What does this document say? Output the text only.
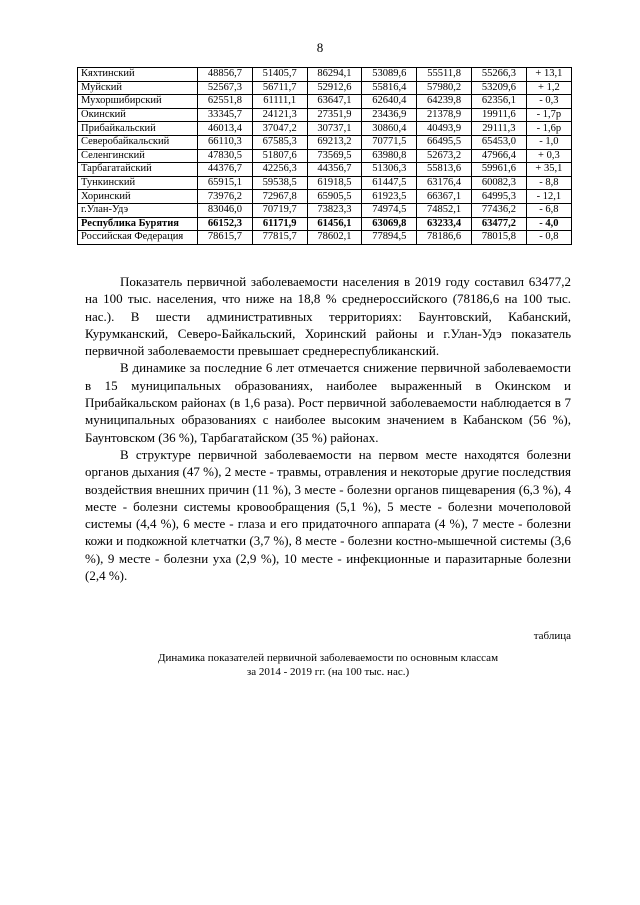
8
Кяхтинский	48856,7	51405,7	86294,1	53089,6	55511,8	55266,3	+ 13,1
Муйский	52567,3	56711,7	52912,6	55816,4	57980,2	53209,6	+ 1,2
Мухоршибирский	62551,8	61111,1	63647,1	62640,4	64239,8	62356,1	- 0,3
Окинский	33345,7	24121,3	27351,9	23436,9	21378,9	19911,6	- 1,7р
Прибайкальский	46013,4	37047,2	30737,1	30860,4	40493,9	29111,3	- 1,6р
Северобайкальский	66110,3	67585,3	69213,2	70771,5	66495,5	65453,0	- 1,0
Селенгинский	47830,5	51807,6	73569,5	63980,8	52673,2	47966,4	+ 0,3
Тарбагатайский	44376,7	42256,3	44356,7	51306,3	55813,6	59961,6	+ 35,1
Тункинский	65915,1	59538,5	61918,5	61447,5	63176,4	60082,3	- 8,8
Хоринский	73976,2	72967,8	65905,5	61923,5	66367,1	64995,3	- 12,1
г.Улан-Удэ	83046,0	70719,7	73823,3	74974,5	74852,1	77436,2	- 6,8
Республика Бурятия	66152,3	61171,9	61456,1	63069,8	63233,4	63477,2	- 4,0
Российская Федерация	78615,7	77815,7	78602,1	77894,5	78186,6	78015,8	- 0,8

Показатель первичной заболеваемости населения в 2019 году составил 63477,2 на 100 тыс. населения, что ниже на 18,8 % среднероссийского (78186,6 на 100 тыс. нас.). В шести административных территориях: Баунтовский, Кабанский, Курумканский, Северо-Байкальский, Хоринский районы и г.Улан-Удэ показатель первичной заболеваемости превышает среднереспубликанский.

В динамике за последние 6 лет отмечается снижение первичной заболеваемости в 15 муниципальных образованиях, наиболее выраженный в Окинском и Прибайкальском районах (в 1,6 раза). Рост первичной заболеваемости наблюдается в 7 муниципальных образованиях с наиболее высоким значением в Кабанском (56 %), Баунтовском (36 %), Тарбагатайском (35 %) районах.

В структуре первичной заболеваемости на первом месте находятся болезни органов дыхания (47 %), 2 месте - травмы, отравления и некоторые другие последствия воздействия внешних причин (11 %), 3 месте - болезни органов пищеварения (6,3 %), 4 месте - болезни системы кровообращения (5,1 %), 5 месте - болезни мочеполовой системы (4,4 %), 6 месте - глаза и его придаточного аппарата (4 %), 7 месте - болезни кожи и подкожной клетчатки (3,7 %), 8 месте - болезни костно-мышечной системы (3,6 %), 9 месте - болезни уха (2,9 %), 10 месте - инфекционные и паразитарные болезни (2,4 %).

таблица
Динамика показателей первичной заболеваемости по основным классам
за 2014 - 2019 гг. (на 100 тыс. нас.)
